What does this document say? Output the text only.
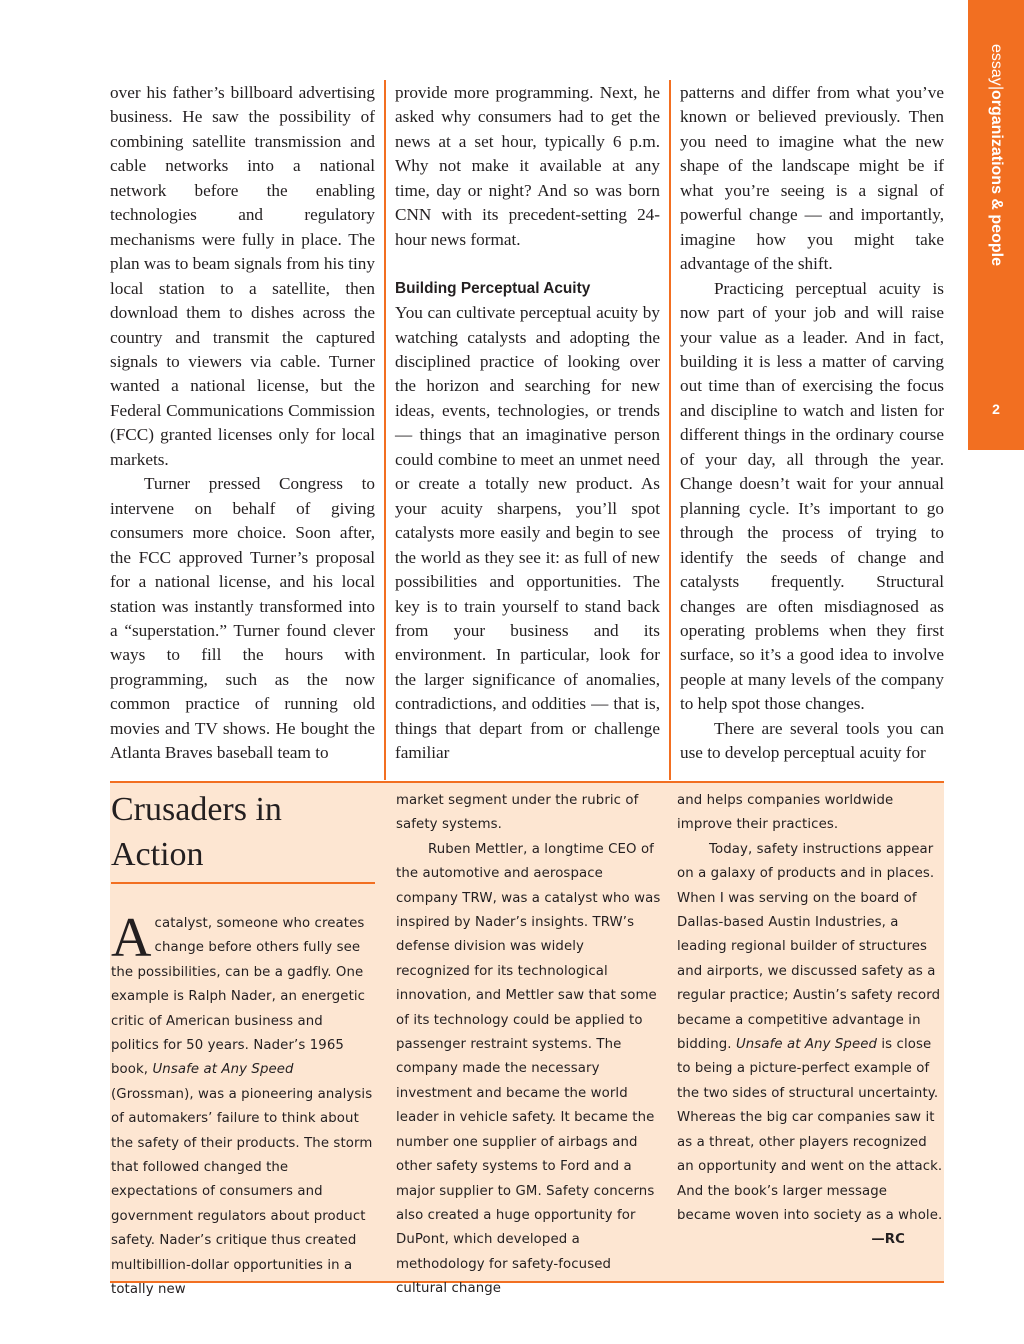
essay|organizations & people
2

over his father’s billboard advertising business. He saw the possibility of combining satellite transmission and cable networks into a national network before the enabling technologies and regulatory mechanisms were fully in place. The plan was to beam signals from his tiny local station to a satellite, then download them to dishes across the country and transmit the captured signals to viewers via cable. Turner wanted a national license, but the Federal Communications Commission (FCC) granted licenses only for local markets.

Turner pressed Congress to intervene on behalf of giving consumers more choice. Soon after, the FCC approved Turner’s proposal for a national license, and his local station was instantly transformed into a “superstation.” Turner found clever ways to fill the hours with programming, such as the now common practice of running old movies and TV shows. He bought the Atlanta Braves baseball team to

provide more programming. Next, he asked why consumers had to get the news at a set hour, typically 6 p.m. Why not make it available at any time, day or night? And so was born CNN with its precedent-setting 24-hour news format.

Building Perceptual Acuity

You can cultivate perceptual acuity by watching catalysts and adopting the disciplined practice of looking over the horizon and searching for new ideas, events, technologies, or trends — things that an imaginative person could combine to meet an unmet need or create a totally new product. As your acuity sharpens, you’ll spot catalysts more easily and begin to see the world as they see it: as full of new possibilities and opportunities. The key is to train yourself to stand back from your business and its environment. In particular, look for the larger significance of anomalies, contradictions, and oddities — that is, things that depart from or challenge familiar

patterns and differ from what you’ve known or believed previously. Then you need to imagine what the new shape of the landscape might be if what you’re seeing is a signal of powerful change — and importantly, imagine how you might take advantage of the shift.

Practicing perceptual acuity is now part of your job and will raise your value as a leader. And in fact, building it is less a matter of carving out time than of exercising the focus and discipline to watch and listen for different things in the ordinary course of your day, all through the year. Change doesn’t wait for your annual planning cycle. It’s important to go through the process of trying to identify the seeds of change and catalysts frequently. Structural changes are often misdiagnosed as operating problems when they first surface, so it’s a good idea to involve people at many levels of the company to help spot those changes.

There are several tools you can use to develop perceptual acuity for

Crusaders in Action

A catalyst, someone who creates change before others fully see the possibilities, can be a gadfly. One example is Ralph Nader, an energetic critic of American business and politics for 50 years. Nader’s 1965 book, Unsafe at Any Speed (Grossman), was a pioneering analysis of automakers’ failure to think about the safety of their products. The storm that followed changed the expectations of consumers and government regulators about product safety. Nader’s critique thus created multibillion-dollar opportunities in a totally new

market segment under the rubric of safety systems.

Ruben Mettler, a longtime CEO of the automotive and aerospace company TRW, was a catalyst who was inspired by Nader’s insights. TRW’s defense division was widely recognized for its technological innovation, and Mettler saw that some of its technology could be applied to passenger restraint systems. The company made the necessary investment and became the world leader in vehicle safety. It became the number one supplier of airbags and other safety systems to Ford and a major supplier to GM. Safety concerns also created a huge opportunity for DuPont, which developed a methodology for safety-focused cultural change

and helps companies worldwide improve their practices.

Today, safety instructions appear on a galaxy of products and in places. When I was serving on the board of Dallas-based Austin Industries, a leading regional builder of structures and airports, we discussed safety as a regular practice; Austin’s safety record became a competitive advantage in bidding. Unsafe at Any Speed is close to being a picture-perfect example of the two sides of structural uncertainty. Whereas the big car companies saw it as a threat, other players recognized an opportunity and went on the attack. And the book’s larger message became woven into society as a whole.

—RC
